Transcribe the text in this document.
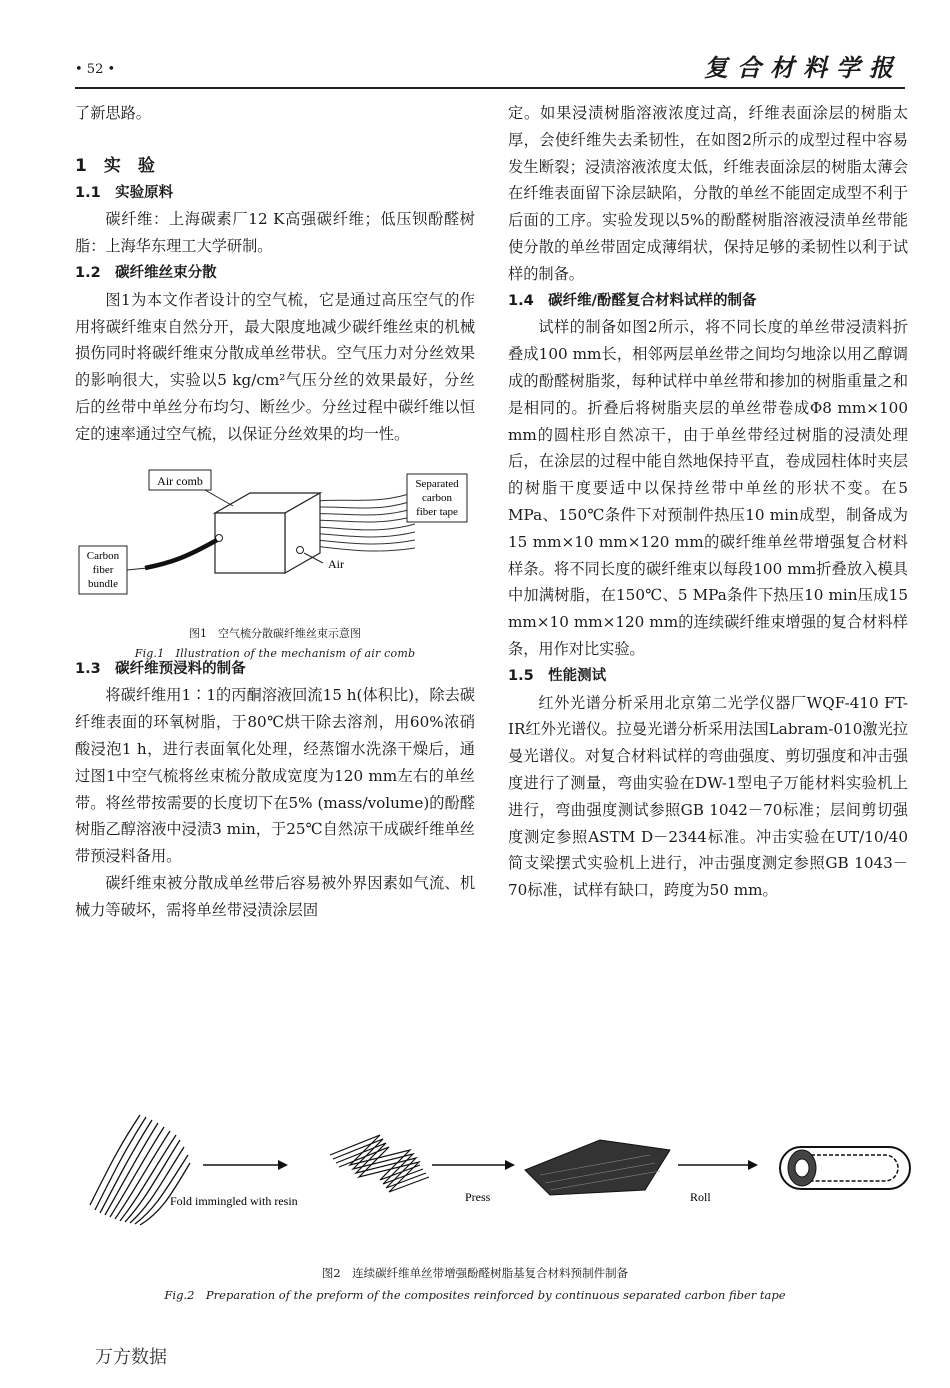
• 52 •	复合材料学报

了新思路。

1　实　验

1.1　实验原料

碳纤维：上海碳素厂12 K高强碳纤维；低压钡酚醛树脂：上海华东理工大学研制。

1.2　碳纤维丝束分散

图1为本文作者设计的空气梳，它是通过高压空气的作用将碳纤维束自然分开，最大限度地减少碳纤维丝束的机械损伤同时将碳纤维束分散成单丝带状。空气压力对分丝效果的影响很大，实验以5 kg/cm²气压分丝的效果最好，分丝后的丝带中单丝分布均匀、断丝少。分丝过程中碳纤维以恒定的速率通过空气梳，以保证分丝效果的均一性。

Air comb	Separated
carbon
fiber tape
Carbon
fiber
bundle
Air

图1　空气梳分散碳纤维丝束示意图

Fig.1　Illustration of the mechanism of air comb

1.3　碳纤维预浸料的制备

将碳纤维用1∶1的丙酮溶液回流15 h(体积比)，除去碳纤维表面的环氧树脂，于80℃烘干除去溶剂，用60%浓硝酸浸泡1 h，进行表面氧化处理，经蒸馏水洗涤干燥后，通过图1中空气梳将丝束梳分散成宽度为120 mm左右的单丝带。将丝带按需要的长度切下在5% (mass/volume)的酚醛树脂乙醇溶液中浸渍3 min，于25℃自然凉干成碳纤维单丝带预浸料备用。

碳纤维束被分散成单丝带后容易被外界因素如气流、机械力等破坏，需将单丝带浸渍涂层固

定。如果浸渍树脂溶液浓度过高，纤维表面涂层的树脂太厚，会使纤维失去柔韧性，在如图2所示的成型过程中容易发生断裂；浸渍溶液浓度太低，纤维表面涂层的树脂太薄会在纤维表面留下涂层缺陷，分散的单丝不能固定成型不利于后面的工序。实验发现以5%的酚醛树脂溶液浸渍单丝带能使分散的单丝带固定成薄绢状，保持足够的柔韧性以利于试样的制备。

1.4　碳纤维/酚醛复合材料试样的制备

试样的制备如图2所示，将不同长度的单丝带浸渍料折叠成100 mm长，相邻两层单丝带之间均匀地涂以用乙醇调成的酚醛树脂浆，每种试样中单丝带和掺加的树脂重量之和是相同的。折叠后将树脂夹层的单丝带卷成Φ8 mm×100 mm的圆柱形自然凉干，由于单丝带经过树脂的浸渍处理后，在涂层的过程中能自然地保持平直，卷成园柱体时夹层的树脂干度要适中以保持丝带中单丝的形状不变。在5 MPa、150℃条件下对预制件热压10 min成型，制备成为15 mm×10 mm×120 mm的碳纤维单丝带增强复合材料样条。将不同长度的碳纤维束以每段100 mm折叠放入模具中加满树脂，在150℃、5 MPa条件下热压10 min压成15 mm×10 mm×120 mm的连续碳纤维束增强的复合材料样条，用作对比实验。

1.5　性能测试

红外光谱分析采用北京第二光学仪器厂WQF-410 FT-IR红外光谱仪。拉曼光谱分析采用法国Labram-010激光拉曼光谱仪。对复合材料试样的弯曲强度、剪切强度和冲击强度进行了测量，弯曲实验在DW-1型电子万能材料实验机上进行，弯曲强度测试参照GB 1042－70标准；层间剪切强度测定参照ASTM D－2344标准。冲击实验在UT/10/40简支梁摆式实验机上进行，冲击强度测定参照GB 1043－70标准，试样有缺口，跨度为50 mm。

Fold immingled with resin	Press	Roll
图2　连续碳纤维单丝带增强酚醛树脂基复合材料预制件制备
Fig.2　Preparation of the preform of the composites reinforced by continuous separated carbon fiber tape
万方数据
